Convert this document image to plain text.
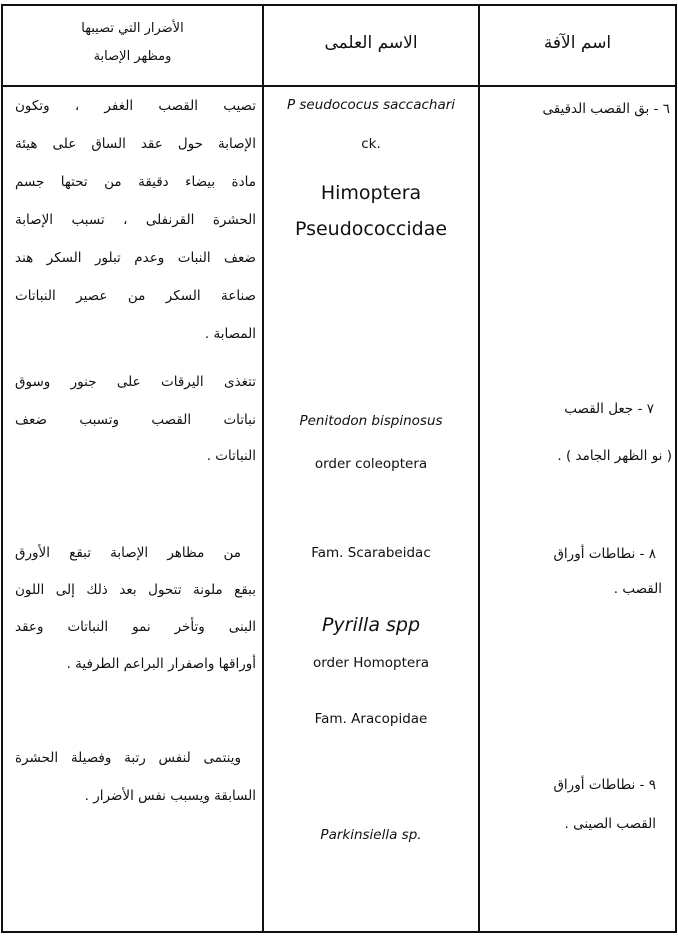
اسم الآفة
الاسم العلمى
الأضرار التي تصيبها
ومظهر الإصابة
٦ - بق القصب الدقيقى
P seudococus saccachari
ck.
Himoptera
Pseudococcidae
تصيب القصب الغفر ، وتكون
الإصابة حول عقد الساق على هيئة
مادة بيضاء دقيقة من تحتها جسم
الحشرة القرنفلى ، تسبب الإصابة
ضعف النبات وعدم تبلور السكر هند
صناعة السكر من عصير النباتات
المصابة .
٧ - جعل القصب
( نو الظهر الجامد ) .
Penitodon bispinosus
order coleoptera
تتغذى اليرقات على جنور وسوق
نباتات القصب وتسبب ضعف
النباتات .
٨ - نطاطات أوراق
القصب .
Fam. Scarabeidac
Pyrilla spp
order Homoptera
Fam. Aracopidae
من مظاهر الإصابة تبقع الأورق
ببقع ملونة تتحول بعد ذلك إلى اللون
البنى وتأخر نمو النباتات وعقد
أوراقها واصفرار البراعم الطرفية .
٩ - نطاطات أوراق
القصب الصينى .
Parkinsiella sp.
وينتمى لنفس رتبة وفصيلة الحشرة
السابقة ويسبب نفس الأضرار .
